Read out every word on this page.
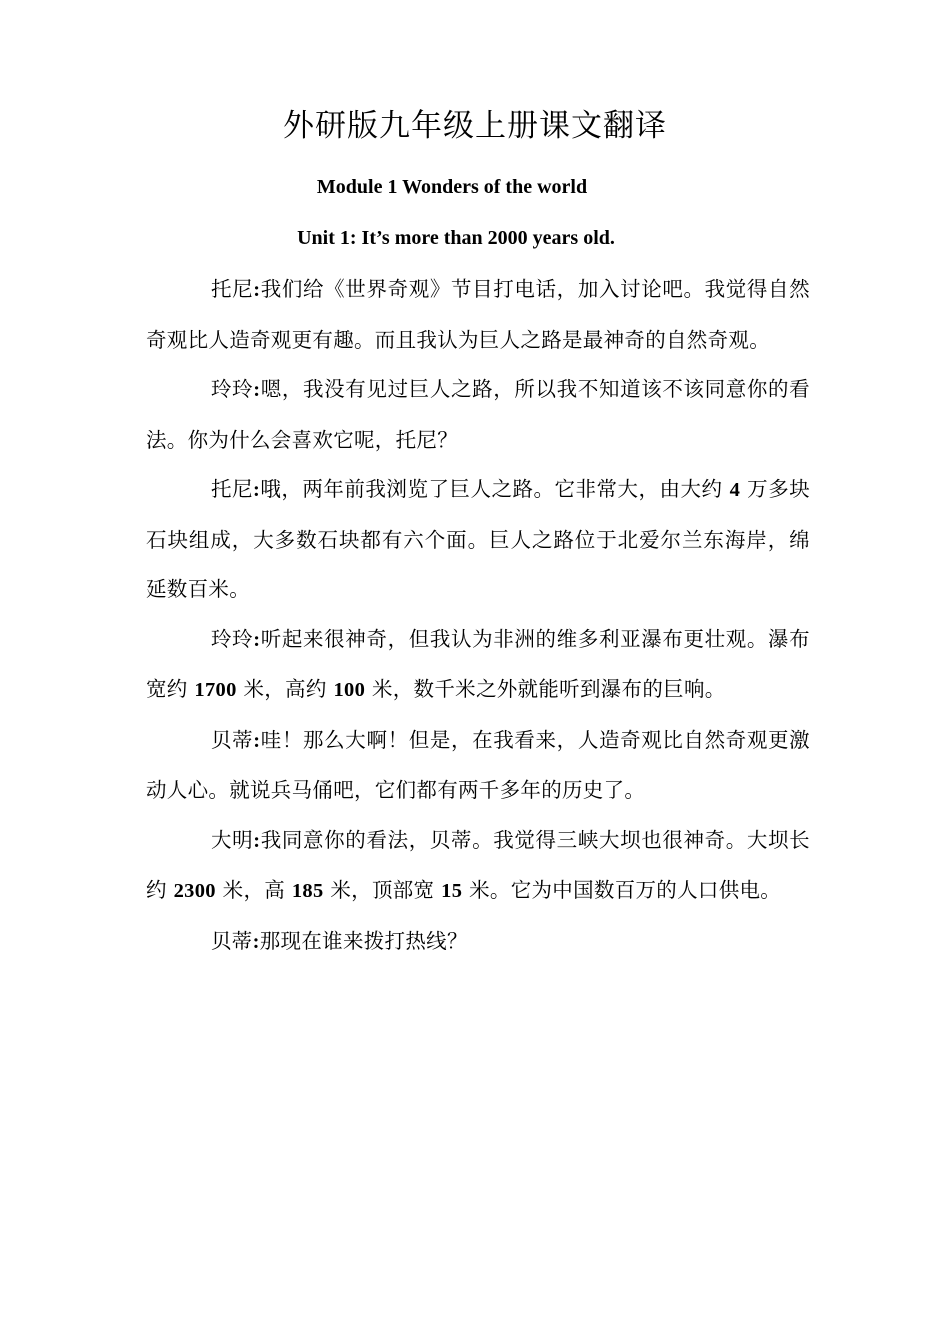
外研版九年级上册课文翻译
Module 1 Wonders of the world
Unit 1: It’s more than 2000 years old.

托尼:我们给《世界奇观》节目打电话，加入讨论吧。我觉得自然奇观比人造奇观更有趣。而且我认为巨人之路是最神奇的自然奇观。

玲玲:嗯，我没有见过巨人之路，所以我不知道该不该同意你的看法。你为什么会喜欢它呢，托尼？

托尼:哦，两年前我浏览了巨人之路。它非常大，由大约 4 万多块石块组成，大多数石块都有六个面。巨人之路位于北爱尔兰东海岸，绵延数百米。

玲玲:听起来很神奇，但我认为非洲的维多利亚瀑布更壮观。瀑布宽约 1700 米，高约 100 米，数千米之外就能听到瀑布的巨响。

贝蒂:哇！那么大啊！但是，在我看来，人造奇观比自然奇观更激动人心。就说兵马俑吧，它们都有两千多年的历史了。

大明:我同意你的看法，贝蒂。我觉得三峡大坝也很神奇。大坝长约 2300 米，高 185 米，顶部宽 15 米。它为中国数百万的人口供电。

贝蒂:那现在谁来拨打热线？
